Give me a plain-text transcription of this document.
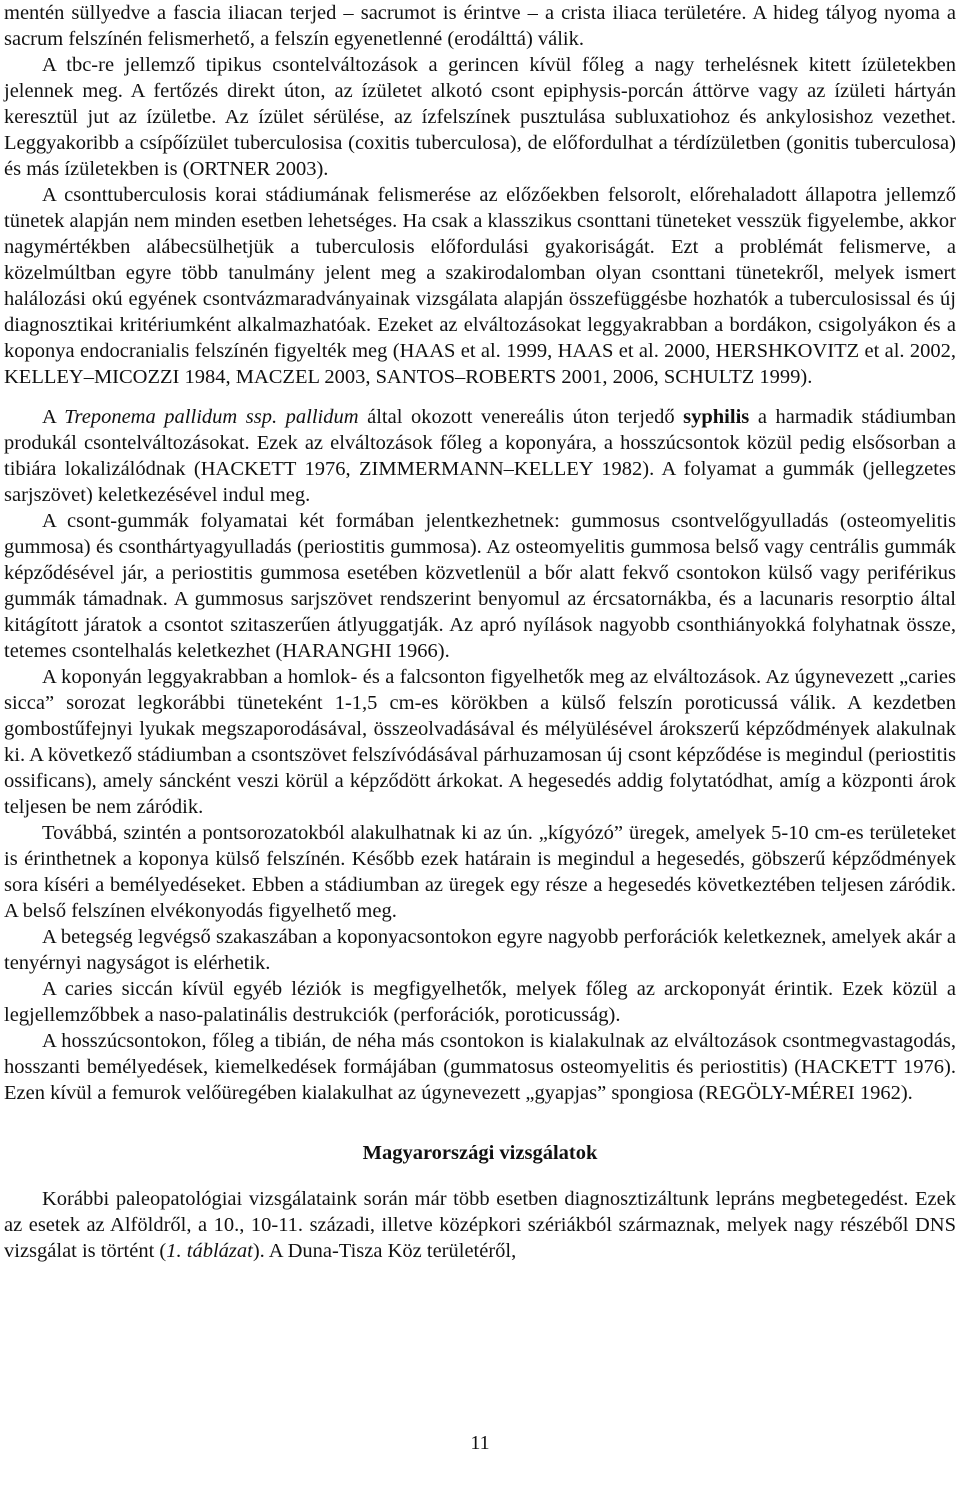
mentén süllyedve a fascia iliacan terjed – sacrumot is érintve – a crista iliaca területére. A hideg tályog nyoma a sacrum felszínén felismerhető, a felszín egyenetlenné (erodálttá) válik.

A tbc-re jellemző tipikus csontelváltozások a gerincen kívül főleg a nagy terhelésnek kitett ízületekben jelennek meg. A fertőzés direkt úton, az ízületet alkotó csont epiphysis-porcán áttörve vagy az ízületi hártyán keresztül jut az ízületbe. Az ízület sérülése, az ízfelszínek pusztulása subluxatiohoz és ankylosishoz vezethet. Leggyakoribb a csípőízület tuberculosisa (coxitis tuberculosa), de előfordulhat a térdízületben (gonitis tuberculosa) és más ízületekben is (ORTNER 2003).

A csonttuberculosis korai stádiumának felismerése az előzőekben felsorolt, előrehaladott állapotra jellemző tünetek alapján nem minden esetben lehetséges. Ha csak a klasszikus csonttani tüneteket vesszük figyelembe, akkor nagymértékben alábecsülhetjük a tuberculosis előfordulási gyakoriságát. Ezt a problémát felismerve, a közelmúltban egyre több tanulmány jelent meg a szakirodalomban olyan csonttani tünetekről, melyek ismert halálozási okú egyének csontvázmaradványainak vizsgálata alapján összefüggésbe hozhatók a tuberculosissal és új diagnosztikai kritériumként alkalmazhatóak. Ezeket az elváltozásokat leggyakrabban a bordákon, csigolyákon és a koponya endocranialis felszínén figyelték meg (HAAS et al. 1999, HAAS et al. 2000, HERSHKOVITZ et al. 2002, KELLEY–MICOZZI 1984, MACZEL 2003, SANTOS–ROBERTS 2001, 2006, SCHULTZ 1999).

A Treponema pallidum ssp. pallidum által okozott venereális úton terjedő syphilis a harmadik stádiumban produkál csontelváltozásokat. Ezek az elváltozások főleg a koponyára, a hosszúcsontok közül pedig elsősorban a tibiára lokalizálódnak (HACKETT 1976, ZIMMERMANN–KELLEY 1982). A folyamat a gummák (jellegzetes sarjszövet) keletkezésével indul meg.

A csont-gummák folyamatai két formában jelentkezhetnek: gummosus csontvelőgyulladás (osteomyelitis gummosa) és csonthártyagyulladás (periostitis gummosa). Az osteomyelitis gummosa belső vagy centrális gummák képződésével jár, a periostitis gummosa esetében közvetlenül a bőr alatt fekvő csontokon külső vagy periférikus gummák támadnak. A gummosus sarjszövet rendszerint benyomul az ércsatornákba, és a lacunaris resorptio által kitágított járatok a csontot szitaszerűen átlyuggatják. Az apró nyílások nagyobb csonthiányokká folyhatnak össze, tetemes csontelhalás keletkezhet (HARANGHI 1966).

A koponyán leggyakrabban a homlok- és a falcsonton figyelhetők meg az elváltozások. Az úgynevezett „caries sicca” sorozat legkorábbi tüneteként 1-1,5 cm-es körökben a külső felszín poroticussá válik. A kezdetben gombostűfejnyi lyukak megszaporodásával, összeolvadásával és mélyülésével árokszerű képződmények alakulnak ki. A következő stádiumban a csontszövet felszívódásával párhuzamosan új csont képződése is megindul (periostitis ossificans), amely sáncként veszi körül a képződött árkokat. A hegesedés addig folytatódhat, amíg a központi árok teljesen be nem záródik.

Továbbá, szintén a pontsorozatokból alakulhatnak ki az ún. „kígyózó” üregek, amelyek 5-10 cm-es területeket is érinthetnek a koponya külső felszínén. Később ezek határain is megindul a hegesedés, göbszerű képződmények sora kíséri a bemélyedéseket. Ebben a stádiumban az üregek egy része a hegesedés következtében teljesen záródik. A belső felszínen elvékonyodás figyelhető meg.

A betegség legvégső szakaszában a koponyacsontokon egyre nagyobb perforációk keletkeznek, amelyek akár a tenyérnyi nagyságot is elérhetik.

A caries siccán kívül egyéb léziók is megfigyelhetők, melyek főleg az arckoponyát érintik. Ezek közül a legjellemzőbbek a naso-palatinális destrukciók (perforációk, poroticusság).

A hosszúcsontokon, főleg a tibián, de néha más csontokon is kialakulnak az elváltozások csontmegvastagodás, hosszanti bemélyedések, kiemelkedések formájában (gummatosus osteomyelitis és periostitis) (HACKETT 1976). Ezen kívül a femurok velőüregében kialakulhat az úgynevezett „gyapjas” spongiosa (REGÖLY-MÉREI 1962).

Magyarországi vizsgálatok

Korábbi paleopatológiai vizsgálataink során már több esetben diagnosztizáltunk lepráns megbetegedést. Ezek az esetek az Alföldről, a 10., 10-11. századi, illetve középkori szériákból származnak, melyek nagy részéből DNS vizsgálat is történt (1. táblázat). A Duna-Tisza Köz területéről,

11
